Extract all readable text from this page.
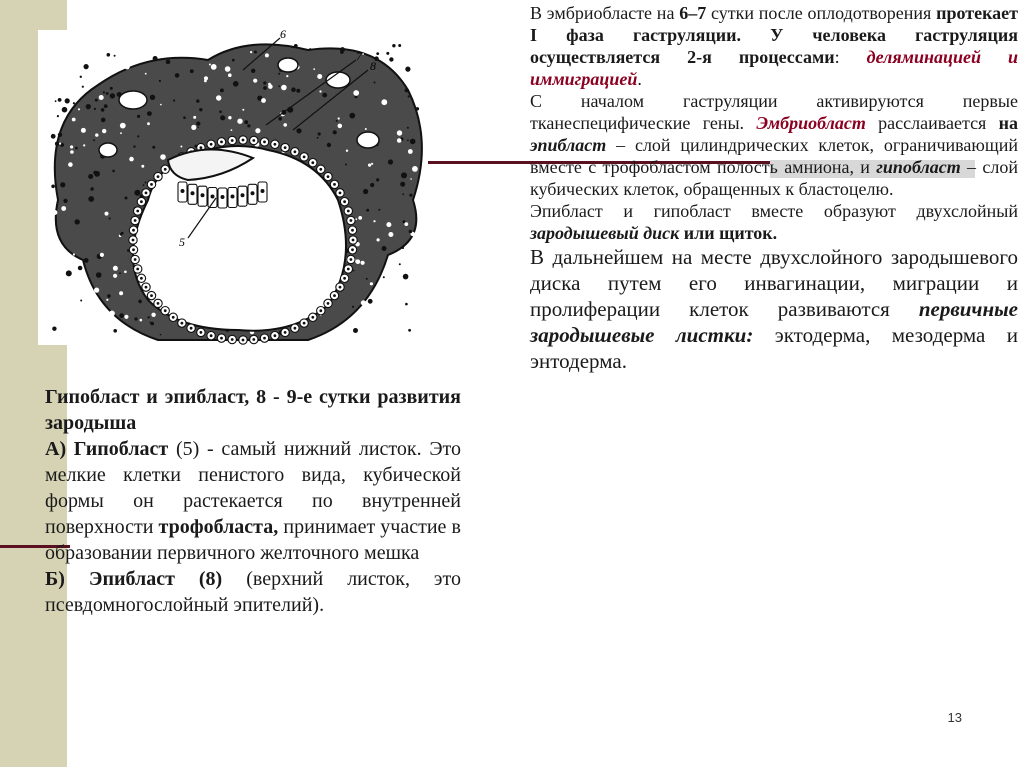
6
7
8
5

В эмбриобласте на 6–7 сутки после оплодотворения протекает I фаза гаструляции. У человека гаструляция осуществляется 2-я процессами: деляминацией и иммиграцией.

С началом гаструляции активируются первые тканеспецифические гены. Эмбриобласт расслаивается на эпибласт – слой цилиндрических клеток, ограничивающий вместе с трофобластом полость амниона, и гипобласт – слой кубических клеток, обращенных к бластоцелю.

Эпибласт и гипобласт вместе образуют двухслойный зародышевый диск или щиток.

В дальнейшем на месте двухслойного зародышевого диска путем его инвагинации, миграции и пролиферации клеток развиваются первичные зародышевые листки: эктодерма, мезодерма и энтодерма.

Гипобласт и эпибласт, 8 - 9-е сутки развития зародыша

А) Гипобласт (5) - самый нижний листок. Это мелкие клетки пенистого вида, кубической формы он растекается по внутренней поверхности трофобласта, принимает участие в образовании первичного желточного мешка

Б) Эпибласт (8) (верхний листок, это псевдомногослойный эпителий).

13
